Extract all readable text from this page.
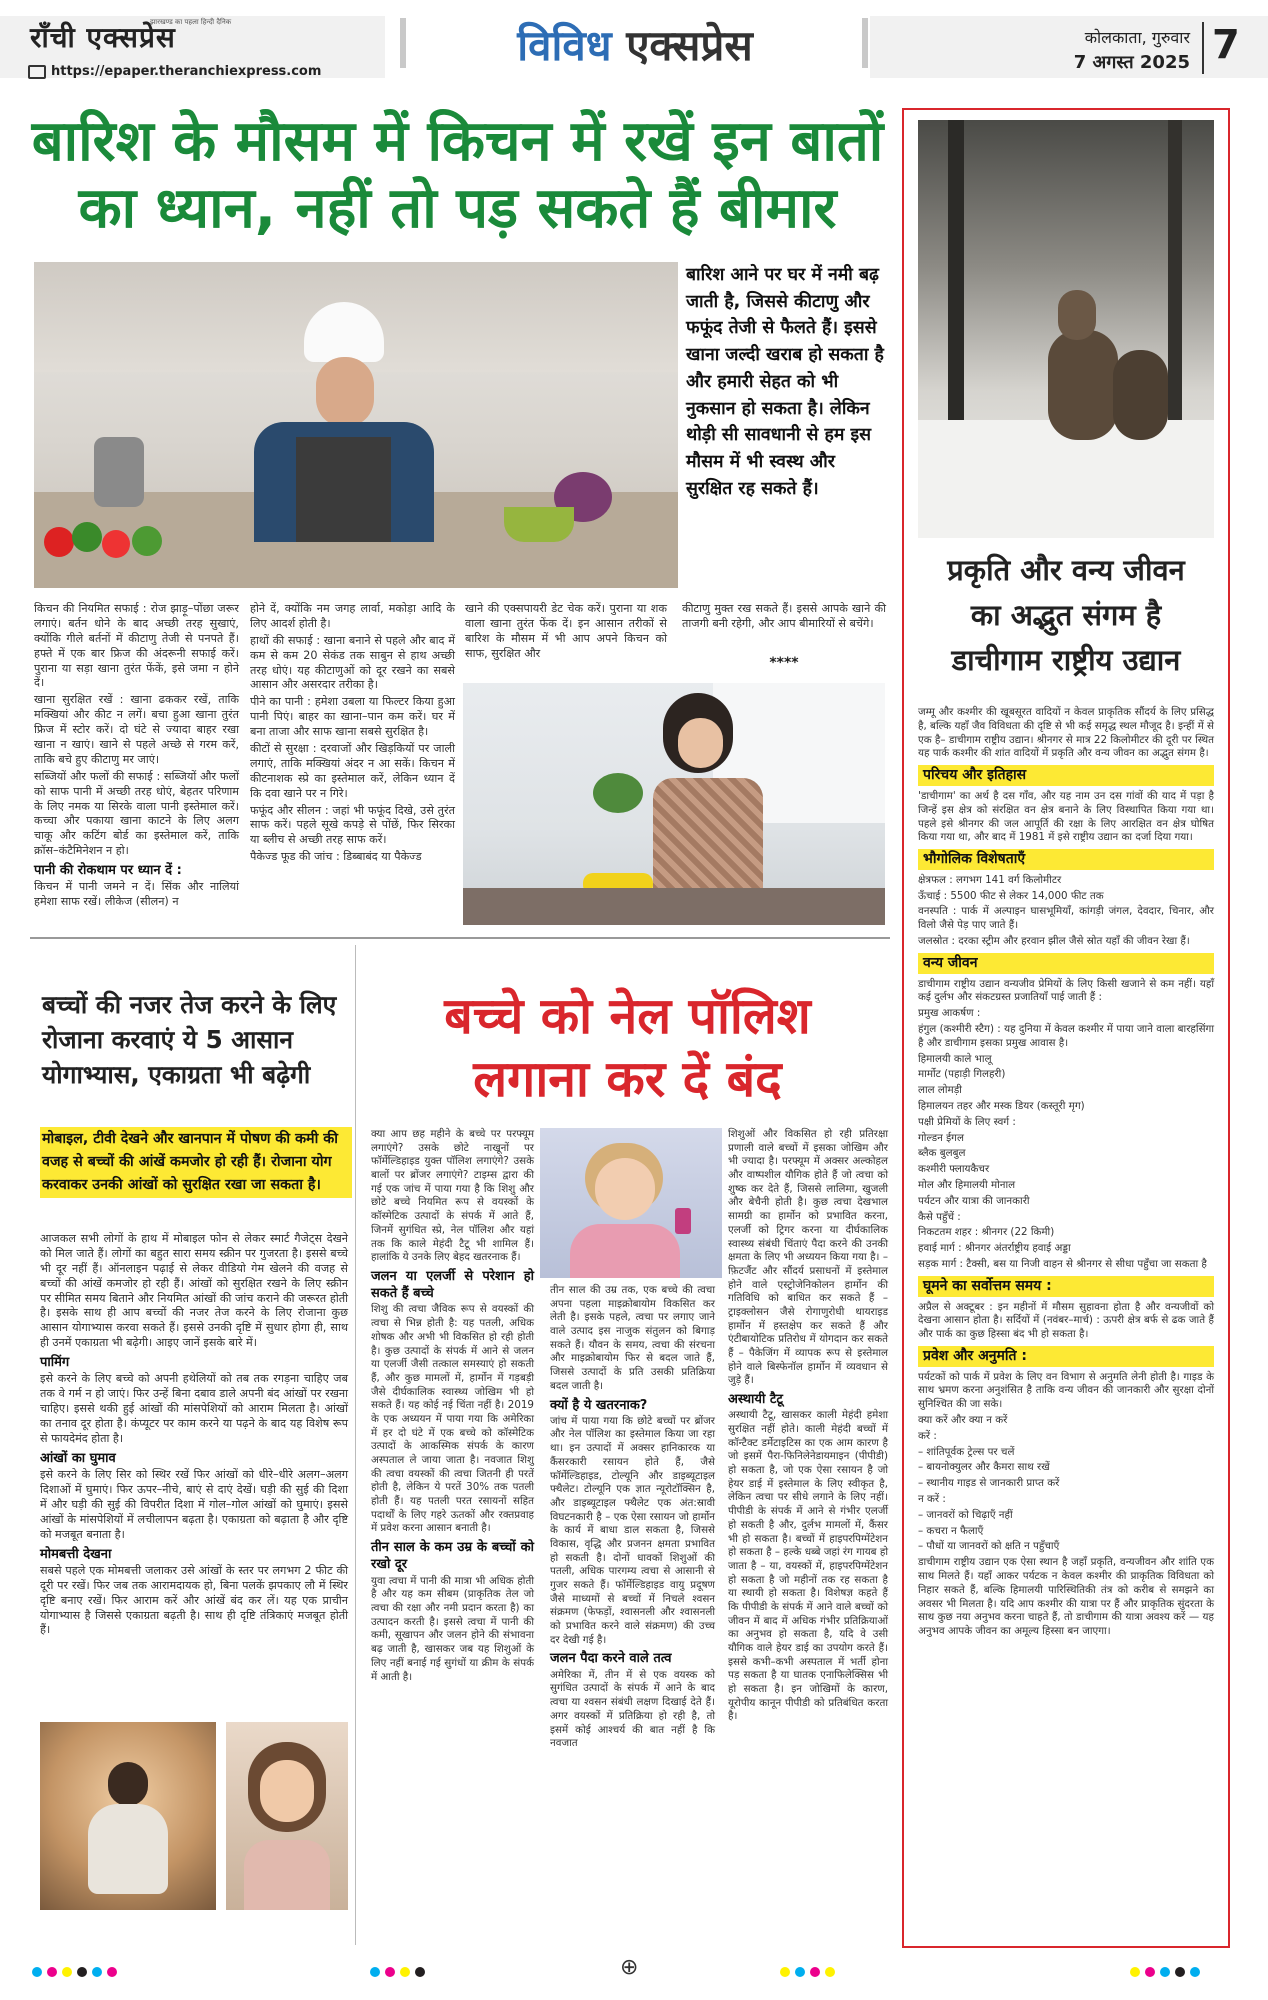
राँची एक्सप्रेस
झारखण्ड का पहला हिन्दी दैनिक
https://epaper.theranchiexpress.com
विविध एक्सप्रेस	कोलकाता, गुरुवार
7 अगस्त 2025 7
बारिश के मौसम में किचन में रखें इन बातों
का ध्यान, नहीं तो पड़ सकते हैं बीमार
बारिश आने पर घर में नमी बढ़ जाती है, जिससे कीटाणु और फफूंद तेजी से फैलते हैं। इससे खाना जल्दी खराब हो सकता है और हमारी सेहत को भी नुकसान हो सकता है। लेकिन थोड़ी सी सावधानी से हम इस मौसम में भी स्वस्थ और सुरक्षित रह सकते हैं।

किचन की नियमित सफाई : रोज झाड़ू–पोंछा जरूर लगाएं। बर्तन धोने के बाद अच्छी तरह सुखाएं, क्योंकि गीले बर्तनों में कीटाणु तेजी से पनपते हैं। हफ्ते में एक बार फ्रिज की अंदरूनी सफाई करें। पुराना या सड़ा खाना तुरंत फेंकें, इसे जमा न होने दें।

खाना सुरक्षित रखें : खाना ढककर रखें, ताकि मक्खियां और कीट न लगें। बचा हुआ खाना तुरंत फ्रिज में स्टोर करें। दो घंटे से ज्यादा बाहर रखा खाना न खाएं। खाने से पहले अच्छे से गरम करें, ताकि बचे हुए कीटाणु मर जाएं।

सब्जियों और फलों की सफाई : सब्जियों और फलों को साफ पानी में अच्छी तरह धोएं, बेहतर परिणाम के लिए नमक या सिरके वाला पानी इस्तेमाल करें। कच्चा और पकाया खाना काटने के लिए अलग चाकू और कटिंग बोर्ड का इस्तेमाल करें, ताकि क्रॉस–कंटैमिनेशन न हो।

पानी की रोकथाम पर ध्यान दें :

किचन में पानी जमने न दें। सिंक और नालियां हमेशा साफ रखें। लीकेज (सीलन) न

होने दें, क्योंकि नम जगह लार्वा, मकोड़ा आदि के लिए आदर्श होती है।

हाथों की सफाई : खाना बनाने से पहले और बाद में कम से कम 20 सेकंड तक साबुन से हाथ अच्छी तरह धोएं। यह कीटाणुओं को दूर रखने का सबसे आसान और असरदार तरीका है।

पीने का पानी : हमेशा उबला या फिल्टर किया हुआ पानी पिएं। बाहर का खाना–पान कम करें। घर में बना ताजा और साफ खाना सबसे सुरक्षित है।

कीटों से सुरक्षा : दरवाजों और खिड़कियों पर जाली लगाएं, ताकि मक्खियां अंदर न आ सकें। किचन में कीटनाशक स्प्रे का इस्तेमाल करें, लेकिन ध्यान दें कि दवा खाने पर न गिरे।

फफूंद और सीलन : जहां भी फफूंद दिखे, उसे तुरंत साफ करें। पहले सूखे कपड़े से पोंछें, फिर सिरका या ब्लीच से अच्छी तरह साफ करें।

पैकेज्ड फूड की जांच : डिब्बाबंद या पैकेज्ड

खाने की एक्सपायरी डेट चेक करें। पुराना या शक वाला खाना तुरंत फेंक दें। इन आसान तरीकों से बारिश के मौसम में भी आप अपने किचन को साफ, सुरक्षित और
कीटाणु मुक्त रख सकते हैं। इससे आपके खाने की ताजगी बनी रहेगी, और आप बीमारियों से बचेंगे।
****
बच्चों की नजर तेज करने के लिए रोजाना करवाएं ये 5 आसान योगाभ्यास, एकाग्रता भी बढ़ेगी
मोबाइल, टीवी देखने और खानपान में पोषण की कमी की वजह से बच्चों की आंखें कमजोर हो रही हैं। रोजाना योग करवाकर उनकी आंखों को सुरक्षित रखा जा सकता है।

आजकल सभी लोगों के हाथ में मोबाइल फोन से लेकर स्मार्ट गैजेट्स देखने को मिल जाते हैं। लोगों का बहुत सारा समय स्क्रीन पर गुजरता है। इससे बच्चे भी दूर नहीं हैं। ऑनलाइन पढ़ाई से लेकर वीडियो गेम खेलने की वजह से बच्चों की आंखें कमजोर हो रही हैं। आंखों को सुरक्षित रखने के लिए स्क्रीन पर सीमित समय बिताने और नियमित आंखों की जांच कराने की जरूरत होती है। इसके साथ ही आप बच्चों की नजर तेज करने के लिए रोजाना कुछ आसान योगाभ्यास करवा सकते हैं। इससे उनकी दृष्टि में सुधार होगा ही, साथ ही उनमें एकाग्रता भी बढ़ेगी। आइए जानें इसके बारे में।

पामिंग

इसे करने के लिए बच्चे को अपनी हथेलियों को तब तक रगड़ना चाहिए जब तक वे गर्म न हो जाएं। फिर उन्हें बिना दबाव डाले अपनी बंद आंखों पर रखना चाहिए। इससे थकी हुई आंखों की मांसपेशियों को आराम मिलता है। आंखों का तनाव दूर होता है। कंप्यूटर पर काम करने या पढ़ने के बाद यह विशेष रूप से फायदेमंद होता है।

आंखों का घुमाव

इसे करने के लिए सिर को स्थिर रखें फिर आंखों को धीरे–धीरे अलग–अलग दिशाओं में घुमाएं। फिर ऊपर–नीचे, बाएं से दाएं देखें। घड़ी की सुई की दिशा में और घड़ी की सुई की विपरीत दिशा में गोल–गोल आंखों को घुमाएं। इससे आंखों के मांसपेशियों में लचीलापन बढ़ता है। एकाग्रता को बढ़ाता है और दृष्टि को मजबूत बनाता है।

मोमबत्ती देखना

सबसे पहले एक मोमबत्ती जलाकर उसे आंखों के स्तर पर लगभग 2 फीट की दूरी पर रखें। फिर जब तक आरामदायक हो, बिना पलकें झपकाए लौ में स्थिर दृष्टि बनाए रखें। फिर आराम करें और आंखें बंद कर लें। यह एक प्राचीन योगाभ्यास है जिससे एकाग्रता बढ़ती है। साथ ही दृष्टि तंत्रिकाएं मजबूत होती हैं।

बच्चे को नेल पॉलिश
लगाना कर दें बंद

क्या आप छह महीने के बच्चे पर परफ्यूम लगाएंगे? उसके छोटे नाखूनों पर फॉर्मेल्डिहाइड युक्त पॉलिश लगाएंगे? उसके बालों पर ब्रोंजर लगाएंगे? टाइम्स द्वारा की गई एक जांच में पाया गया है कि शिशु और छोटे बच्चे नियमित रूप से वयस्कों के कॉस्मेटिक उत्पादों के संपर्क में आते हैं, जिनमें सुगंधित स्प्रे, नेल पॉलिश और यहां तक कि काले मेहंदी टैटू भी शामिल हैं। हालांकि ये उनके लिए बेहद खतरनाक हैं।

जलन या एलर्जी से परेशान हो सकते हैं बच्चे

शिशु की त्वचा जैविक रूप से वयस्कों की त्वचा से भिन्न होती है: यह पतली, अधिक शोषक और अभी भी विकसित हो रही होती है। कुछ उत्पादों के संपर्क में आने से जलन या एलर्जी जैसी तत्काल समस्याएं हो सकती हैं, और कुछ मामलों में, हार्मोन में गड़बड़ी जैसे दीर्घकालिक स्वास्थ्य जोखिम भी हो सकते हैं। यह कोई नई चिंता नहीं है। 2019 के एक अध्ययन में पाया गया कि अमेरिका में हर दो घंटे में एक बच्चे को कॉस्मेटिक उत्पादों के आकस्मिक संपर्क के कारण अस्पताल ले जाया जाता है। नवजात शिशु की त्वचा वयस्कों की त्वचा जितनी ही परतें होती है, लेकिन ये परतें 30% तक पतली होती हैं। यह पतली परत रसायनों सहित पदार्थों के लिए गहरे ऊतकों और रक्तप्रवाह में प्रवेश करना आसान बनाती है।

तीन साल के कम उम्र के बच्चों को रखो दूर

युवा त्वचा में पानी की मात्रा भी अधिक होती है और यह कम सीबम (प्राकृतिक तेल जो त्वचा की रक्षा और नमी प्रदान करता है) का उत्पादन करती है। इससे त्वचा में पानी की कमी, सूखापन और जलन होने की संभावना बढ़ जाती है, खासकर जब यह शिशुओं के लिए नहीं बनाई गई सुगंधों या क्रीम के संपर्क में आती है।

तीन साल की उम्र तक, एक बच्चे की त्वचा अपना पहला माइक्रोबायोम विकसित कर लेती है। इसके पहले, त्वचा पर लगाए जाने वाले उत्पाद इस नाजुक संतुलन को बिगाड़ सकते हैं। यौवन के समय, त्वचा की संरचना और माइक्रोबायोम फिर से बदल जाते हैं, जिससे उत्पादों के प्रति उसकी प्रतिक्रिया बदल जाती है।

क्यों है ये खतरनाक?

जांच में पाया गया कि छोटे बच्चों पर ब्रोंजर और नेल पॉलिश का इस्तेमाल किया जा रहा था। इन उत्पादों में अक्सर हानिकारक या कैंसरकारी रसायन होते हैं, जैसे फॉर्मेल्डिहाइड, टोल्यूनि और डाइब्यूटाइल फ्थैलेट। टोल्यूनि एक ज्ञात न्यूरोटॉक्सिन है, और डाइब्यूटाइल फ्थैलेट एक अंत:स्रावी विघटनकारी है – एक ऐसा रसायन जो हार्मोन के कार्य में बाधा डाल सकता है, जिससे विकास, वृद्धि और प्रजनन क्षमता प्रभावित हो सकती है। दोनों धावकों शिशुओं की पतली, अधिक पारगम्य त्वचा से आसानी से गुजर सकते हैं। फॉर्मेल्डिहाइड वायु प्रदूषण जैसे माध्यमों से बच्चों में निचले श्वसन संक्रमण (फेफड़ों, श्वासनली और श्वासनली को प्रभावित करने वाले संक्रमण) की उच्च दर देखी गई है।

जलन पैदा करने वाले तत्व

अमेरिका में, तीन में से एक वयस्क को सुगंधित उत्पादों के संपर्क में आने के बाद त्वचा या श्वसन संबंधी लक्षण दिखाई देते हैं। अगर वयस्कों में प्रतिक्रिया हो रही है, तो इसमें कोई आश्चर्य की बात नहीं है कि नवजात

शिशुओं और विकसित हो रही प्रतिरक्षा प्रणाली वाले बच्चों में इसका जोखिम और भी ज्यादा है। परफ्यूम में अक्सर अल्कोहल और वाष्पशील यौगिक होते हैं जो त्वचा को शुष्क कर देते हैं, जिससे लालिमा, खुजली और बेचैनी होती है। कुछ त्वचा देखभाल सामग्री का हार्मोन को प्रभावित करना, एलर्जी को ट्रिगर करना या दीर्घकालिक स्वास्थ्य संबंधी चिंताएं पैदा करने की उनकी क्षमता के लिए भी अध्ययन किया गया है। – फ़िटजैंट और सौंदर्य प्रसाधनों में इस्तेमाल होने वाले एस्ट्रोजेनिकोलन हार्मोन की गतिविधि को बाधित कर सकते हैं – ट्राइक्लोसन जैसे रोगाणुरोधी थायराइड हार्मोन में हस्तक्षेप कर सकते हैं और एंटीबायोटिक प्रतिरोध में योगदान कर सकते हैं – पैकेजिंग में व्यापक रूप से इस्तेमाल होने वाले बिस्फेनॉल हार्मोन में व्यवधान से जुड़े हैं।

अस्थायी टैटू

अस्थायी टैटू, खासकर काली मेहंदी हमेशा सुरक्षित नहीं होते। काली मेहंदी बच्चों में कॉन्टैक्ट डर्मेटाइटिस का एक आम कारण है जो इसमें पैरा-फिनिलेनेडायमाइन (पीपीडी) हो सकता है, जो एक ऐसा रसायन है जो हेयर डाई में इस्तेमाल के लिए स्वीकृत है, लेकिन त्वचा पर सीधे लगाने के लिए नहीं। पीपीडी के संपर्क में आने से गंभीर एलर्जी हो सकती है और, दुर्लभ मामलों में, कैंसर भी हो सकता है। बच्चों में हाइपरपिग्मेंटेशन हो सकता है – हल्के धब्बे जहां रंग गायब हो जाता है – या, वयस्कों में, हाइपरपिग्मेंटेशन हो सकता है जो महीनों तक रह सकता है या स्थायी हो सकता है। विशेषज्ञ कहते हैं कि पीपीडी के संपर्क में आने वाले बच्चों को जीवन में बाद में अधिक गंभीर प्रतिक्रियाओं का अनुभव हो सकता है, यदि वे उसी यौगिक वाले हेयर डाई का उपयोग करते हैं। इससे कभी–कभी अस्पताल में भर्ती होना पड़ सकता है या घातक एनाफिलेक्सिस भी हो सकता है। इन जोखिमों के कारण, यूरोपीय कानून पीपीडी को प्रतिबंधित करता है।

प्रकृति और वन्य जीवन का अद्भुत संगम है डाचीगाम राष्ट्रीय उद्यान

जम्मू और कश्मीर की खूबसूरत वादियों न केवल प्राकृतिक सौंदर्य के लिए प्रसिद्ध है, बल्कि यहाँ जैव विविधता की दृष्टि से भी कई समृद्ध स्थल मौजूद है। इन्हीं में से एक है– डाचीगाम राष्ट्रीय उद्यान। श्रीनगर से मात्र 22 किलोमीटर की दूरी पर स्थित यह पार्क कश्मीर की शांत वादियों में प्रकृति और वन्य जीवन का अद्भुत संगम है।

परिचय और इतिहास

'डाचीगाम' का अर्थ है दस गाँव, और यह नाम उन दस गांवों की याद में पड़ा है जिन्हें इस क्षेत्र को संरक्षित वन क्षेत्र बनाने के लिए विस्थापित किया गया था। पहले इसे श्रीनगर की जल आपूर्ति की रक्षा के लिए आरक्षित वन क्षेत्र घोषित किया गया था, और बाद में 1981 में इसे राष्ट्रीय उद्यान का दर्जा दिया गया।

भौगोलिक विशेषताएँ

क्षेत्रफल : लगभग 141 वर्ग किलोमीटर

ऊँचाई : 5500 फीट से लेकर 14,000 फीट तक

वनस्पति : पार्क में अल्पाइन घासभूमियाँ, कांगड़ी जंगल, देवदार, चिनार, और विलो जैसे पेड़ पाए जाते हैं।

जलस्रोत : दरका स्ट्रीम और हरवान झील जैसे स्रोत यहाँ की जीवन रेखा हैं।

वन्य जीवन

डाचीगाम राष्ट्रीय उद्यान वन्यजीव प्रेमियों के लिए किसी खजाने से कम नहीं। यहाँ कई दुर्लभ और संकटग्रस्त प्रजातियाँ पाई जाती हैं :

प्रमुख आकर्षण :

हंगुल (कश्मीरी स्टैग) : यह दुनिया में केवल कश्मीर में पाया जाने वाला बारहसिंगा है और डाचीगाम इसका प्रमुख आवास है।

हिमालयी काले भालू

मार्मोट (पहाड़ी गिलहरी)

लाल लोमड़ी

हिमालयन तहर और मस्क डियर (कस्तूरी मृग)

पक्षी प्रेमियों के लिए स्वर्ग :

गोल्डन ईगल

ब्लैक बुलबुल

कश्मीरी फ्लायकैचर

मोल और हिमालयी मोनाल

पर्यटन और यात्रा की जानकारी

कैसे पहुँचें :

निकटतम शहर : श्रीनगर (22 किमी)

हवाई मार्ग : श्रीनगर अंतर्राष्ट्रीय हवाई अड्डा

सड़क मार्ग : टैक्सी, बस या निजी वाहन से श्रीनगर से सीधा पहुँचा जा सकता है

घूमने का सर्वोत्तम समय :

अप्रैल से अक्टूबर : इन महीनों में मौसम सुहावना होता है और वन्यजीवों को देखना आसान होता है। सर्दियों में (नवंबर–मार्च) : ऊपरी क्षेत्र बर्फ से ढक जाते हैं और पार्क का कुछ हिस्सा बंद भी हो सकता है।

प्रवेश और अनुमति :

पर्यटकों को पार्क में प्रवेश के लिए वन विभाग से अनुमति लेनी होती है। गाइड के साथ भ्रमण करना अनुशंसित है ताकि वन्य जीवन की जानकारी और सुरक्षा दोनों सुनिश्चित की जा सके।

क्या करें और क्या न करें

करें :

– शांतिपूर्वक ट्रेल्स पर चलें

– बायनोक्युलर और कैमरा साथ रखें

– स्थानीय गाइड से जानकारी प्राप्त करें

न करें :

– जानवरों को चिढ़ाएँ नहीं

– कचरा न फैलाएँ

– पौधों या जानवरों को क्षति न पहुँचाएँ

डाचीगाम राष्ट्रीय उद्यान एक ऐसा स्थान है जहाँ प्रकृति, वन्यजीवन और शांति एक साथ मिलते हैं। यहाँ आकर पर्यटक न केवल कश्मीर की प्राकृतिक विविधता को निहार सकते हैं, बल्कि हिमालयी पारिस्थितिकी तंत्र को करीब से समझने का अवसर भी मिलता है। यदि आप कश्मीर की यात्रा पर हैं और प्राकृतिक सुंदरता के साथ कुछ नया अनुभव करना चाहते हैं, तो डाचीगाम की यात्रा अवश्य करें — यह अनुभव आपके जीवन का अमूल्य हिस्सा बन जाएगा।

⊕
